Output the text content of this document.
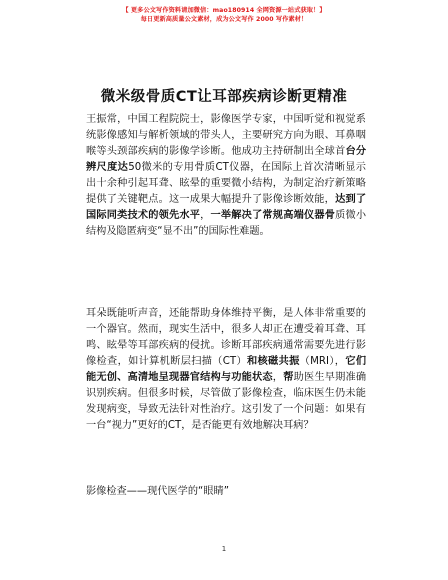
【 更多公文写作资料请加微信：mao180914 全网资源一站式获取！】
每日更新高质量公文素材，成为公文写作 2000 写作素材！
微米级骨质CT让耳部疾病诊断更精准

王振常，中国工程院院士，影像医学专家，中国听觉和视觉系统影像感知与解析领域的带头人，主要研究方向为眼、耳鼻咽喉等头颈部疾病的影像学诊断。他成功主持研制出全球首台分辨尺度达50微米的专用骨质CT仪器，在国际上首次清晰显示出十余种引起耳聋、眩晕的重要微小结构，为制定治疗新策略提供了关键靶点。这一成果大幅提升了影像诊断效能，达到了国际同类技术的领先水平，一举解决了常规高端仪器骨质微小结构及隐匿病变“显不出”的国际性难题。

耳朵既能听声音，还能帮助身体维持平衡，是人体非常重要的一个器官。然而，现实生活中，很多人却正在遭受着耳聋、耳鸣、眩晕等耳部疾病的侵扰。诊断耳部疾病通常需要先进行影像检查，如计算机断层扫描（CT）和核磁共振（MRI），它们能无创、高清地呈现器官结构与功能状态，帮助医生早期准确识别疾病。但很多时候，尽管做了影像检查，临床医生仍未能发现病变，导致无法针对性治疗。这引发了一个问题：如果有一台“视力”更好的CT，是否能更有效地解决耳病？

影像检查——现代医学的“眼睛”

1
